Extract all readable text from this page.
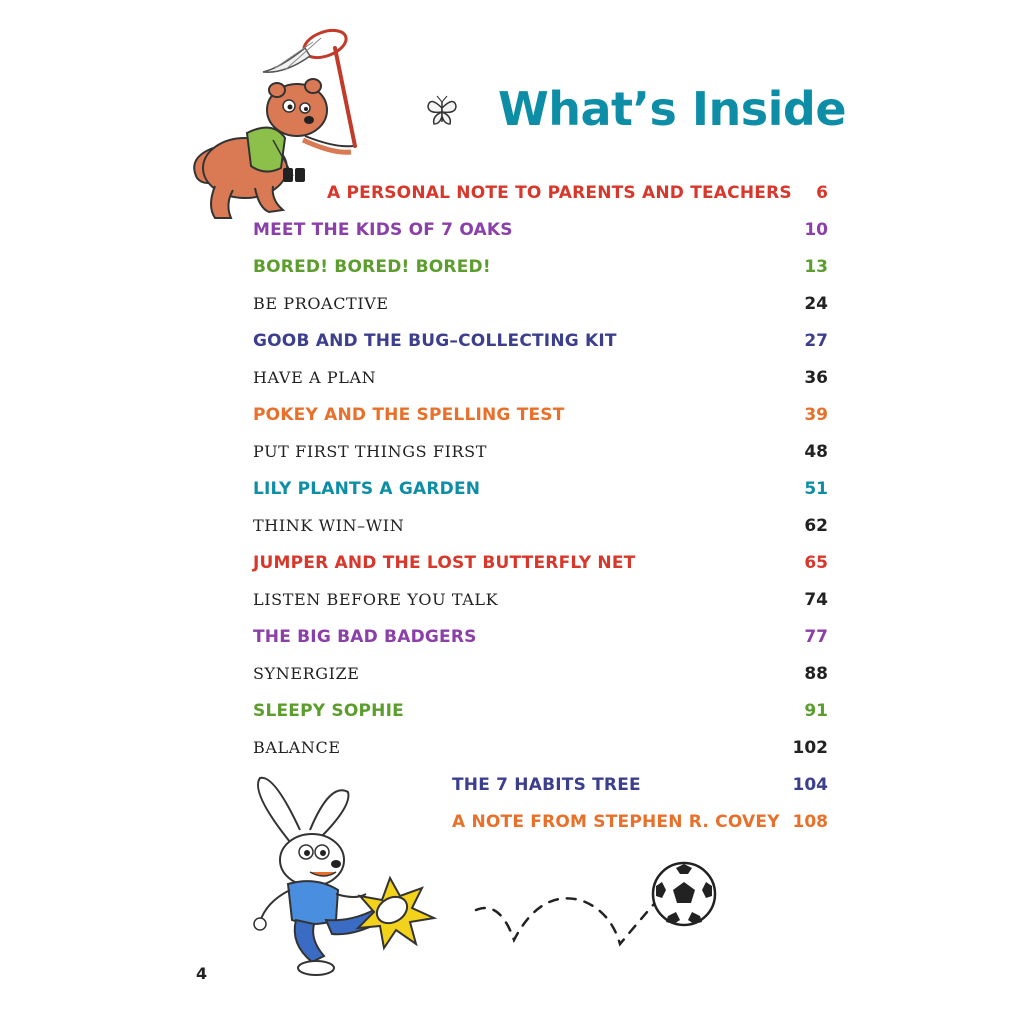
What’s Inside
A PERSONAL NOTE TO PARENTS AND TEACHERS 6
MEET THE KIDS OF 7 OAKS	10
BORED! BORED! BORED!	13
BE PROACTIVE	24
GOOB AND THE BUG–COLLECTING KIT	27
HAVE A PLAN	36
POKEY AND THE SPELLING TEST	39
PUT FIRST THINGS FIRST	48
LILY PLANTS A GARDEN	51
THINK WIN–WIN	62
JUMPER AND THE LOST BUTTERFLY NET	65
LISTEN BEFORE YOU TALK	74
THE BIG BAD BADGERS	77
SYNERGIZE	88
SLEEPY SOPHIE	91
BALANCE	102
THE 7 HABITS TREE	104
A NOTE FROM STEPHEN R. COVEY 108
4
